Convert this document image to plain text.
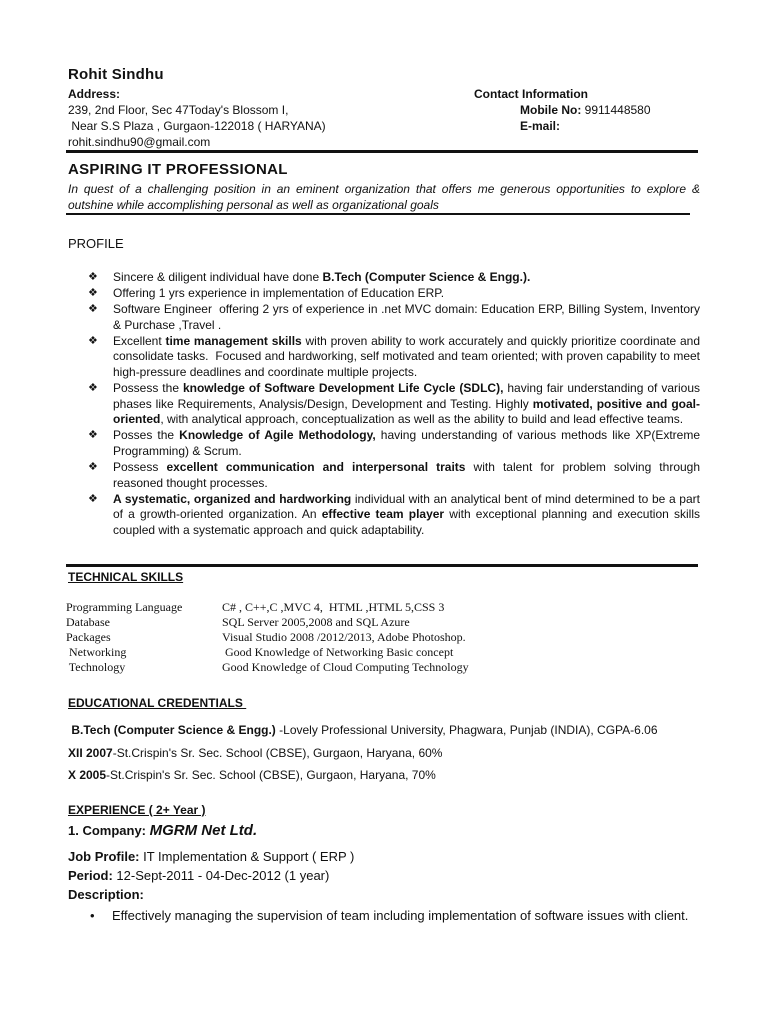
Rohit Sindhu
Address:
239, 2nd Floor, Sec 47Today's Blossom I,
Near S.S Plaza , Gurgaon-122018 ( HARYANA)
rohit.sindhu90@gmail.com
Contact Information
Mobile No: 9911448580
E-mail:
ASPIRING IT PROFESSIONAL
In quest of a challenging position in an eminent organization that offers me generous opportunities to explore & outshine while accomplishing personal as well as organizational goals
PROFILE
❖ Sincere & diligent individual have done B.Tech (Computer Science & Engg.).
❖ Offering 1 yrs experience in implementation of Education ERP.
❖ Software Engineer  offering 2 yrs of experience in .net MVC domain: Education ERP, Billing System, Inventory & Purchase ,Travel .
❖ Excellent time management skills with proven ability to work accurately and quickly prioritize coordinate and consolidate tasks.  Focused and hardworking, self motivated and team oriented; with proven capability to meet high-pressure deadlines and coordinate multiple projects.
❖ Possess the knowledge of Software Development Life Cycle (SDLC), having fair understanding of various phases like Requirements, Analysis/Design, Development and Testing. Highly motivated, positive and goal-oriented, with analytical approach, conceptualization as well as the ability to build and lead effective teams.
❖ Posses the Knowledge of Agile Methodology, having understanding of various methods like XP(Extreme Programming) & Scrum.
❖ Possess excellent communication and interpersonal traits with talent for problem solving through reasoned thought processes.
❖ A systematic, organized and hardworking individual with an analytical bent of mind determined to be a part of a growth-oriented organization. An effective team player with exceptional planning and execution skills coupled with a systematic approach and quick adaptability.
TECHNICAL SKILLS
Programming Language	C# , C++,C ,MVC 4,  HTML ,HTML 5,CSS 3
Database	SQL Server 2005,2008 and SQL Azure
Packages	Visual Studio 2008 /2012/2013, Adobe Photoshop.
Networking	Good Knowledge of Networking Basic concept
Technology	Good Knowledge of Cloud Computing Technology
EDUCATIONAL CREDENTIALS
B.Tech (Computer Science & Engg.) -Lovely Professional University, Phagwara, Punjab (INDIA), CGPA-6.06
XII 2007-St.Crispin's Sr. Sec. School (CBSE), Gurgaon, Haryana, 60%
X 2005-St.Crispin's Sr. Sec. School (CBSE), Gurgaon, Haryana, 70%
EXPERIENCE ( 2+ Year )
1. Company: MGRM Net Ltd.
Job Profile: IT Implementation & Support ( ERP )
Period: 12-Sept-2011 - 04-Dec-2012 (1 year)
Description:
• Effectively managing the supervision of team including implementation of software issues with client.
